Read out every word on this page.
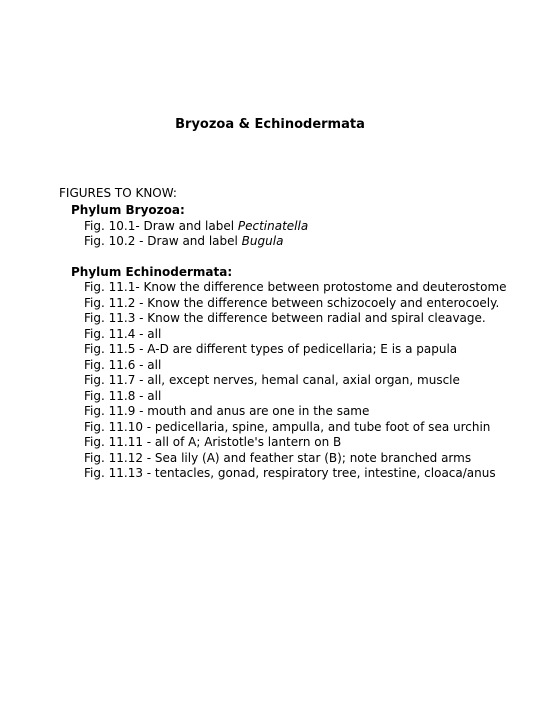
Bryozoa & Echinodermata
FIGURES TO KNOW:
Phylum Bryozoa:
Fig. 10.1- Draw and label Pectinatella
Fig. 10.2 - Draw and label Bugula
Phylum Echinodermata:
Fig. 11.1- Know the difference between protostome and deuterostome
Fig. 11.2 - Know the difference between schizocoely and enterocoely.
Fig. 11.3 - Know the difference between radial and spiral cleavage.
Fig. 11.4 - all
Fig. 11.5 - A-D are different types of pedicellaria; E is a papula
Fig. 11.6 - all
Fig. 11.7 - all, except nerves, hemal canal, axial organ, muscle
Fig. 11.8 - all
Fig. 11.9 - mouth and anus are one in the same
Fig. 11.10 - pedicellaria, spine, ampulla, and tube foot of sea urchin
Fig. 11.11 - all of A; Aristotle's lantern on B
Fig. 11.12 - Sea lily (A) and feather star (B); note branched arms
Fig. 11.13 - tentacles, gonad, respiratory tree, intestine, cloaca/anus
